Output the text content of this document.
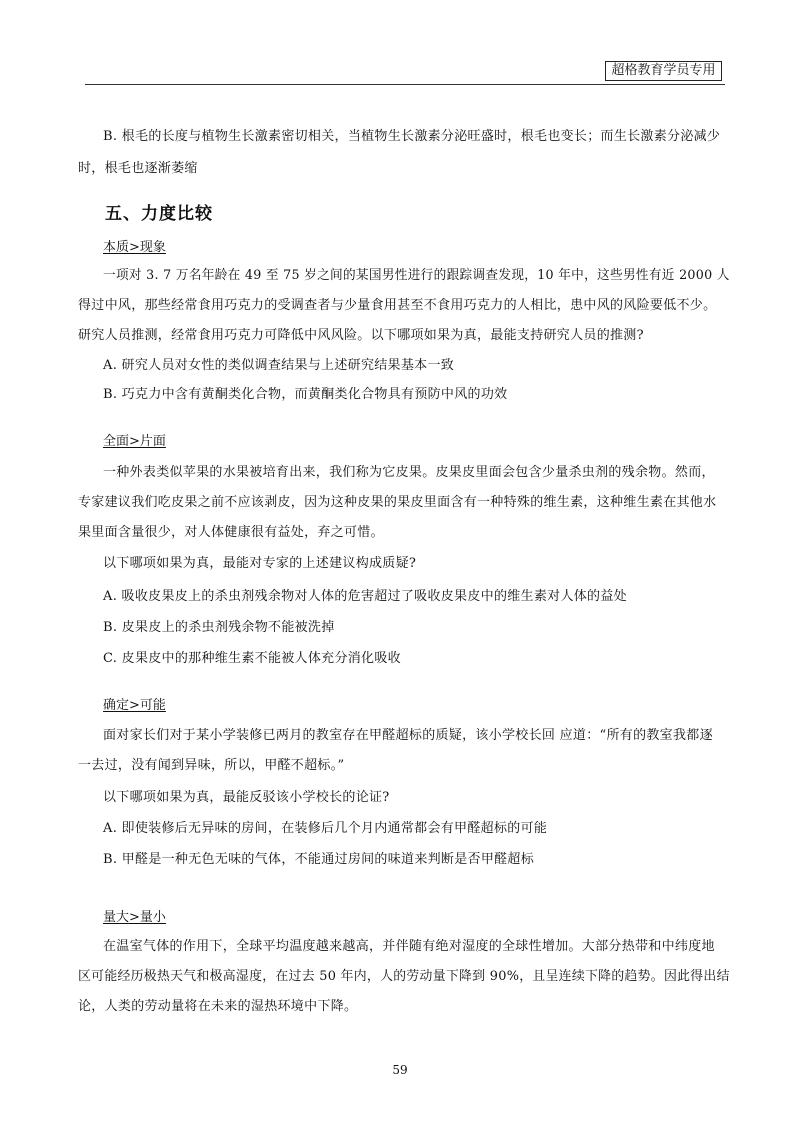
超格教育学员专用
B. 根毛的长度与植物生长激素密切相关，当植物生长激素分泌旺盛时，根毛也变长；而生长激素分泌减少
时，根毛也逐渐萎缩
五、力度比较
本质>现象
一项对 3. 7 万名年龄在 49 至 75 岁之间的某国男性进行的跟踪调查发现，10 年中，这些男性有近 2000 人
得过中风，那些经常食用巧克力的受调查者与少量食用甚至不食用巧克力的人相比，患中风的风险要低不少。
研究人员推测，经常食用巧克力可降低中风风险。以下哪项如果为真，最能支持研究人员的推测?
A. 研究人员对女性的类似调查结果与上述研究结果基本一致
B. 巧克力中含有黄酮类化合物，而黄酮类化合物具有预防中风的功效
全面>片面
一种外表类似苹果的水果被培育出来，我们称为它皮果。皮果皮里面会包含少量杀虫剂的残余物。然而，
专家建议我们吃皮果之前不应该剥皮，因为这种皮果的果皮里面含有一种特殊的维生素，这种维生素在其他水
果里面含量很少，对人体健康很有益处，弃之可惜。
以下哪项如果为真，最能对专家的上述建议构成质疑?
A. 吸收皮果皮上的杀虫剂残余物对人体的危害超过了吸收皮果皮中的维生素对人体的益处
B. 皮果皮上的杀虫剂残余物不能被洗掉
C. 皮果皮中的那种维生素不能被人体充分消化吸收
确定>可能
面对家长们对于某小学装修已两月的教室存在甲醛超标的质疑，该小学校长回 应道：“所有的教室我都逐
一去过，没有闻到异味，所以，甲醛不超标。”
以下哪项如果为真，最能反驳该小学校长的论证?
A. 即使装修后无异味的房间，在装修后几个月内通常都会有甲醛超标的可能
B. 甲醛是一种无色无味的气体，不能通过房间的味道来判断是否甲醛超标
量大>量小
在温室气体的作用下，全球平均温度越来越高，并伴随有绝对湿度的全球性增加。大部分热带和中纬度地
区可能经历极热天气和极高湿度，在过去 50 年内，人的劳动量下降到 90%，且呈连续下降的趋势。因此得出结
论，人类的劳动量将在未来的湿热环境中下降。
59
